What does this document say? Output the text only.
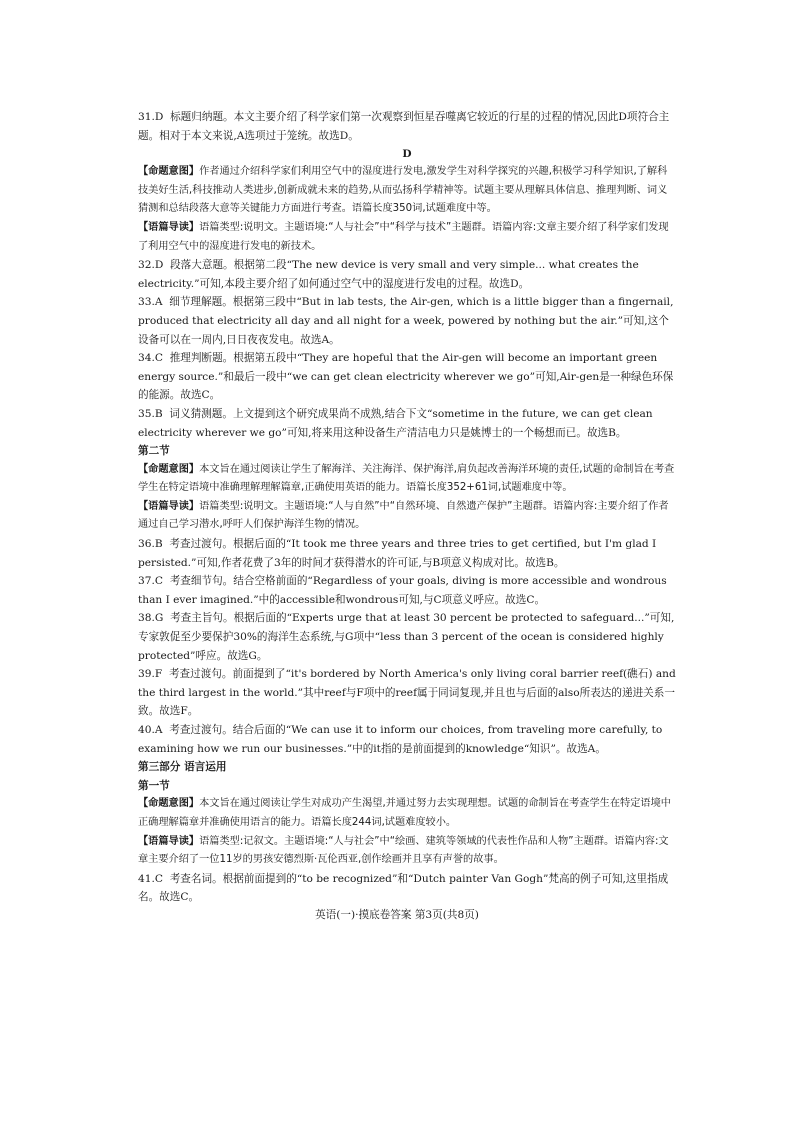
31.D 标题归纳题。本文主要介绍了科学家们第一次观察到恒星吞噬离它较近的行星的过程的情况,因此D项符合主题。相对于本文来说,A选项过于笼统。故选D。

D

【命题意图】作者通过介绍科学家们利用空气中的湿度进行发电,激发学生对科学探究的兴趣,积极学习科学知识,了解科技美好生活,科技推动人类进步,创新成就未来的趋势,从而弘扬科学精神等。试题主要从理解具体信息、推理判断、词义猜测和总结段落大意等关键能力方面进行考查。语篇长度350词,试题难度中等。

【语篇导读】语篇类型:说明文。主题语境:“人与社会”中“科学与技术”主题群。语篇内容:文章主要介绍了科学家们发现了利用空气中的湿度进行发电的新技术。

32.D 段落大意题。根据第二段“The new device is very small and very simple... what creates the electricity.”可知,本段主要介绍了如何通过空气中的湿度进行发电的过程。故选D。

33.A 细节理解题。根据第三段中“But in lab tests, the Air-gen, which is a little bigger than a fingernail, produced that electricity all day and all night for a week, powered by nothing but the air.”可知,这个设备可以在一周内,日日夜夜发电。故选A。

34.C 推理判断题。根据第五段中“They are hopeful that the Air-gen will become an important green energy source.”和最后一段中“we can get clean electricity wherever we go”可知,Air-gen是一种绿色环保的能源。故选C。

35.B 词义猜测题。上文提到这个研究成果尚不成熟,结合下文“sometime in the future, we can get clean electricity wherever we go”可知,将来用这种设备生产清洁电力只是姚博士的一个畅想而已。故选B。

第二节

【命题意图】本文旨在通过阅读让学生了解海洋、关注海洋、保护海洋,肩负起改善海洋环境的责任,试题的命制旨在考查学生在特定语境中准确理解理解篇章,正确使用英语的能力。语篇长度352+61词,试题难度中等。

【语篇导读】语篇类型:说明文。主题语境:“人与自然”中“自然环境、自然遗产保护”主题群。语篇内容:主要介绍了作者通过自己学习潜水,呼吁人们保护海洋生物的情况。

36.B 考查过渡句。根据后面的“It took me three years and three tries to get certified, but I'm glad I persisted.”可知,作者花费了3年的时间才获得潜水的许可证,与B项意义构成对比。故选B。

37.C 考查细节句。结合空格前面的“Regardless of your goals, diving is more accessible and wondrous than I ever imagined.”中的accessible和wondrous可知,与C项意义呼应。故选C。

38.G 考查主旨句。根据后面的“Experts urge that at least 30 percent be protected to safeguard...”可知,专家敦促至少要保护30%的海洋生态系统,与G项中“less than 3 percent of the ocean is considered highly protected”呼应。故选G。

39.F 考查过渡句。前面提到了“it's bordered by North America's only living coral barrier reef(礁石) and the third largest in the world.”其中reef与F项中的reef属于同词复现,并且也与后面的also所表达的递进关系一致。故选F。

40.A 考查过渡句。结合后面的“We can use it to inform our choices, from traveling more carefully, to examining how we run our businesses.”中的it指的是前面提到的knowledge“知识”。故选A。

第三部分 语言运用

第一节

【命题意图】本文旨在通过阅读让学生对成功产生渴望,并通过努力去实现理想。试题的命制旨在考查学生在特定语境中正确理解篇章并准确使用语言的能力。语篇长度244词,试题难度较小。

【语篇导读】语篇类型:记叙文。主题语境:“人与社会”中“绘画、建筑等领域的代表性作品和人物”主题群。语篇内容:文章主要介绍了一位11岁的男孩安德烈斯·瓦伦西亚,创作绘画并且享有声誉的故事。

41.C 考查名词。根据前面提到的“to be recognized”和“Dutch painter Van Gogh”梵高的例子可知,这里指成名。故选C。

英语(一)·摸底卷答案 第3页(共8页)
